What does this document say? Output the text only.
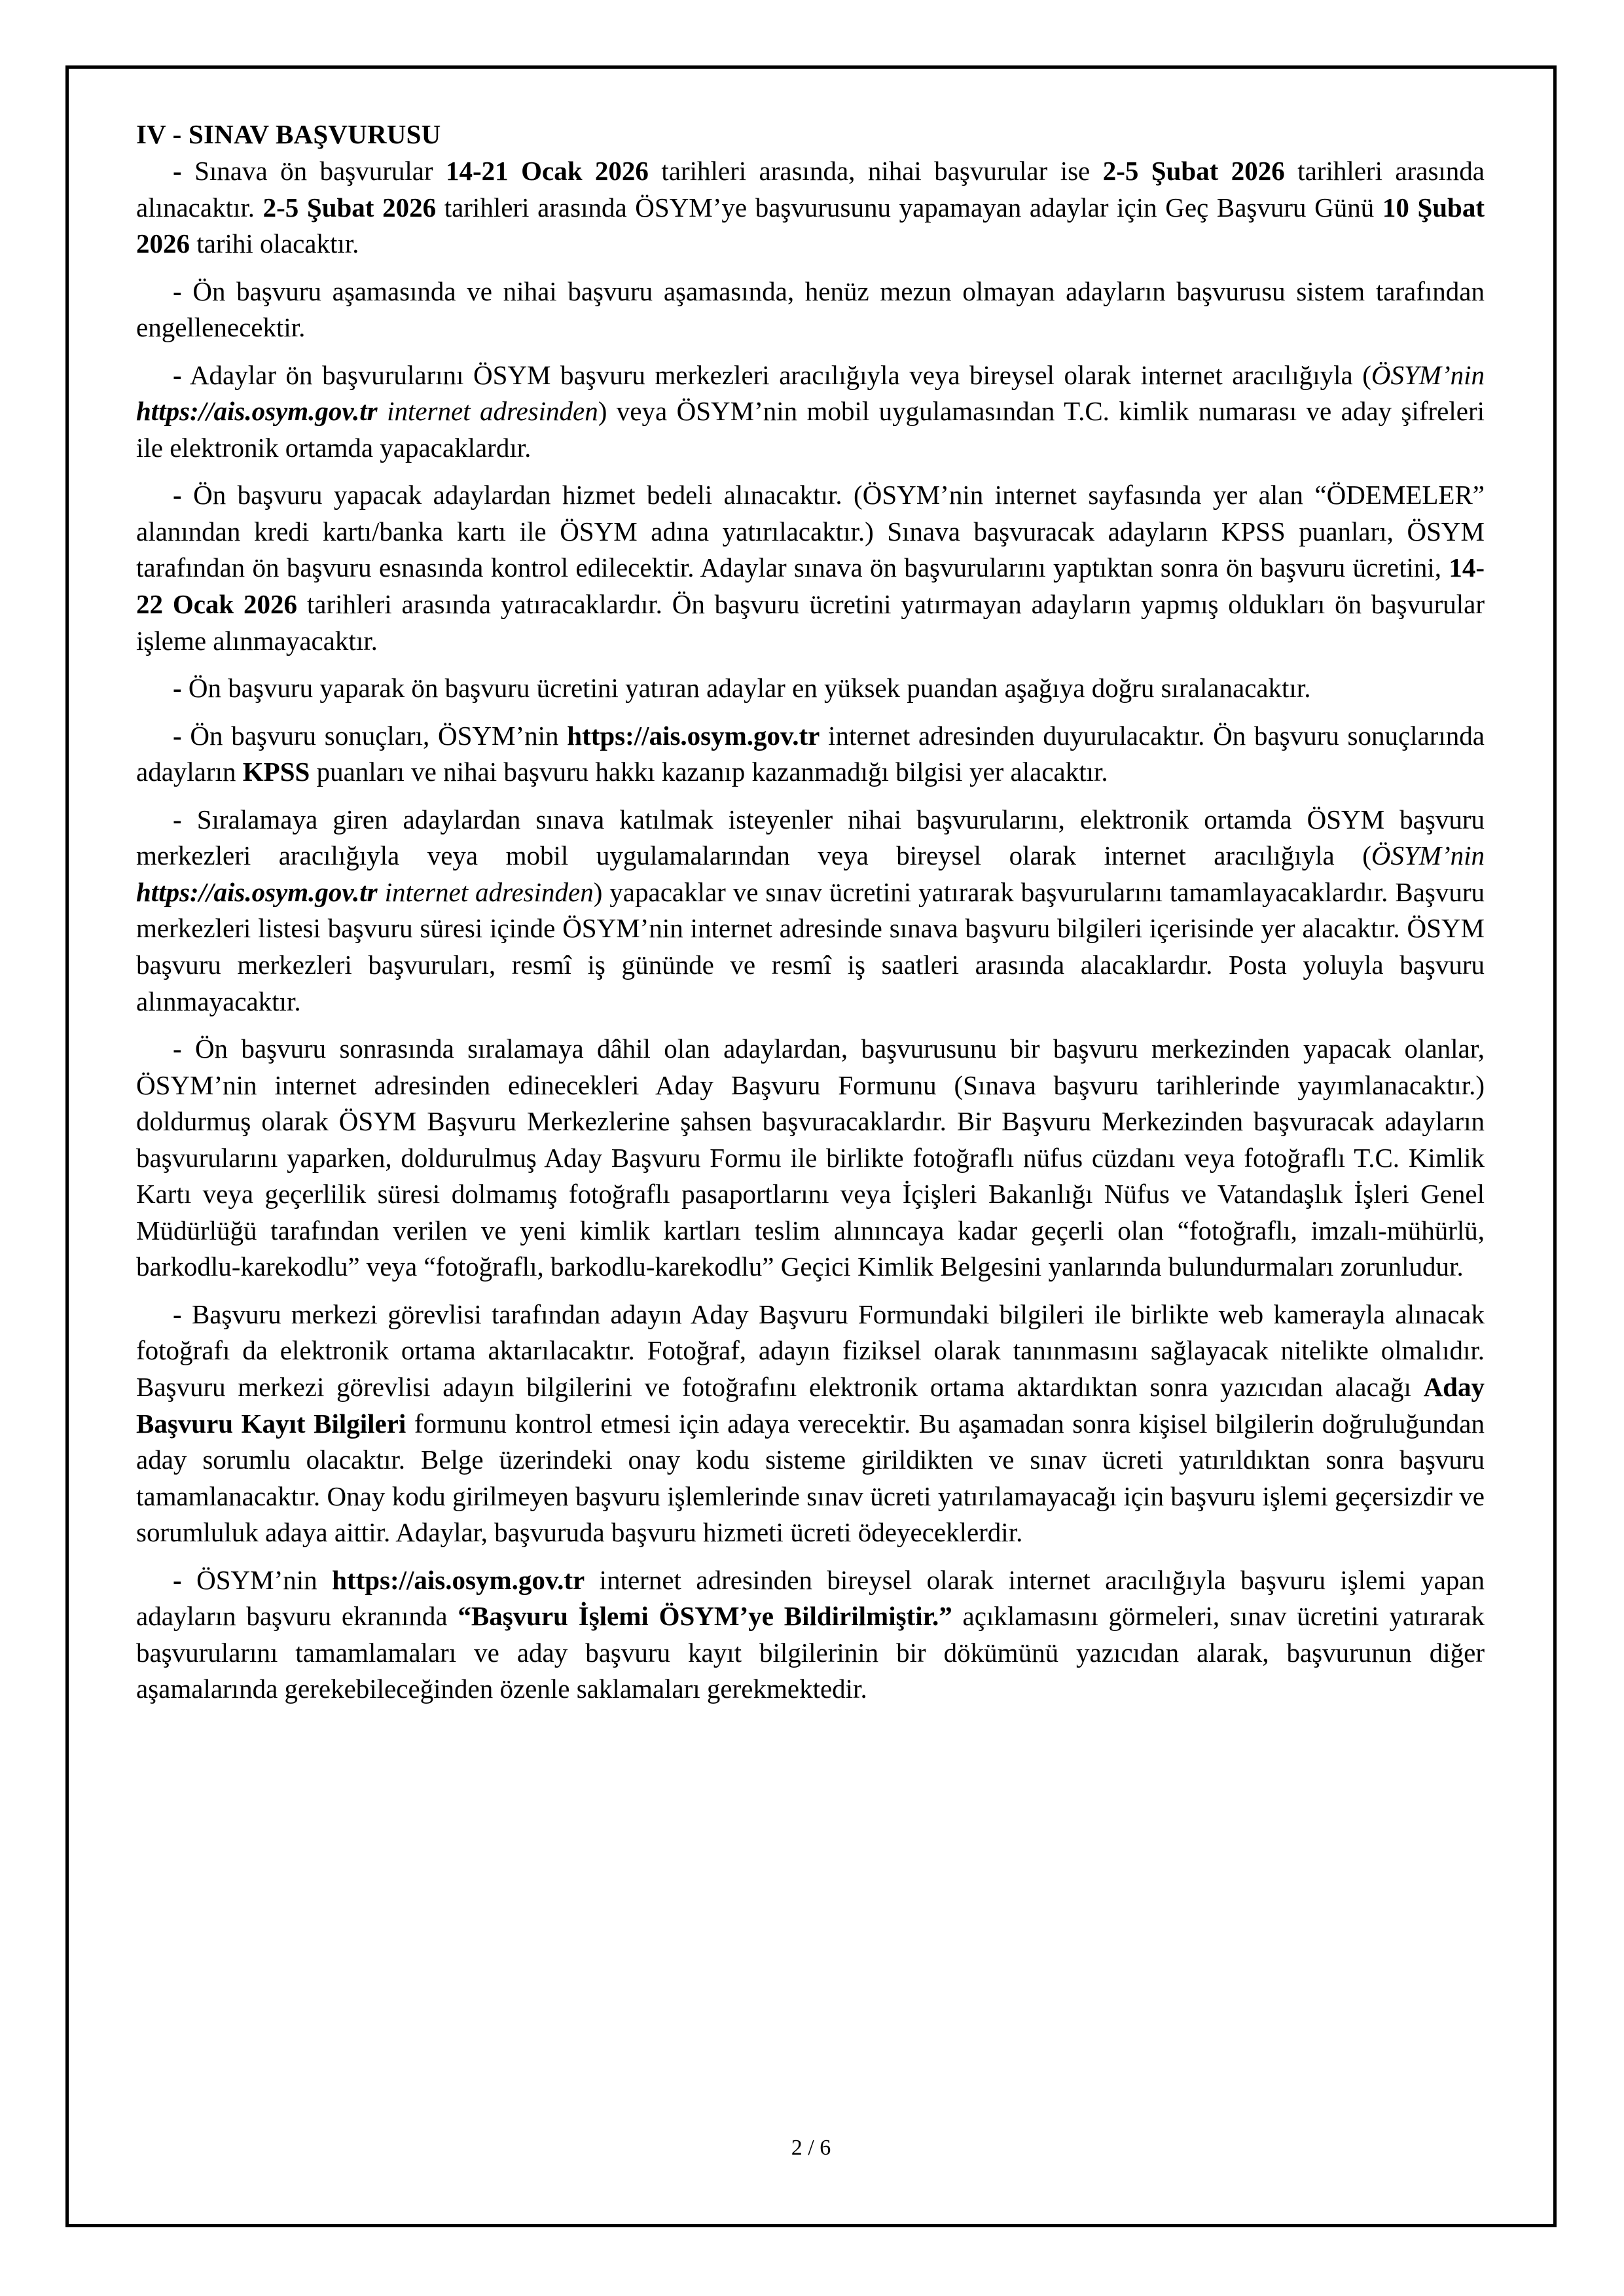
IV - SINAV BAŞVURUSU

- Sınava ön başvurular 14-21 Ocak 2026 tarihleri arasında, nihai başvurular ise 2-5 Şubat 2026 tarihleri arasında alınacaktır. 2-5 Şubat 2026 tarihleri arasında ÖSYM’ye başvurusunu yapamayan adaylar için Geç Başvuru Günü 10 Şubat 2026 tarihi olacaktır.

- Ön başvuru aşamasında ve nihai başvuru aşamasında, henüz mezun olmayan adayların başvurusu sistem tarafından engellenecektir.

- Adaylar ön başvurularını ÖSYM başvuru merkezleri aracılığıyla veya bireysel olarak internet aracılığıyla (ÖSYM’nin https://ais.osym.gov.tr internet adresinden) veya ÖSYM’nin mobil uygulamasından T.C. kimlik numarası ve aday şifreleri ile elektronik ortamda yapacaklardır.

- Ön başvuru yapacak adaylardan hizmet bedeli alınacaktır. (ÖSYM’nin internet sayfasında yer alan “ÖDEMELER” alanından kredi kartı/banka kartı ile ÖSYM adına yatırılacaktır.) Sınava başvuracak adayların KPSS puanları, ÖSYM tarafından ön başvuru esnasında kontrol edilecektir. Adaylar sınava ön başvurularını yaptıktan sonra ön başvuru ücretini, 14-22 Ocak 2026 tarihleri arasında yatıracaklardır. Ön başvuru ücretini yatırmayan adayların yapmış oldukları ön başvurular işleme alınmayacaktır.

- Ön başvuru yaparak ön başvuru ücretini yatıran adaylar en yüksek puandan aşağıya doğru sıralanacaktır.

- Ön başvuru sonuçları, ÖSYM’nin https://ais.osym.gov.tr internet adresinden duyurulacaktır. Ön başvuru sonuçlarında adayların KPSS puanları ve nihai başvuru hakkı kazanıp kazanmadığı bilgisi yer alacaktır.

- Sıralamaya giren adaylardan sınava katılmak isteyenler nihai başvurularını, elektronik ortamda ÖSYM başvuru merkezleri aracılığıyla veya mobil uygulamalarından veya bireysel olarak internet aracılığıyla (ÖSYM’nin https://ais.osym.gov.tr internet adresinden) yapacaklar ve sınav ücretini yatırarak başvurularını tamamlayacaklardır. Başvuru merkezleri listesi başvuru süresi içinde ÖSYM’nin internet adresinde sınava başvuru bilgileri içerisinde yer alacaktır. ÖSYM başvuru merkezleri başvuruları, resmî iş gününde ve resmî iş saatleri arasında alacaklardır. Posta yoluyla başvuru alınmayacaktır.

- Ön başvuru sonrasında sıralamaya dâhil olan adaylardan, başvurusunu bir başvuru merkezinden yapacak olanlar, ÖSYM’nin internet adresinden edinecekleri Aday Başvuru Formunu (Sınava başvuru tarihlerinde yayımlanacaktır.) doldurmuş olarak ÖSYM Başvuru Merkezlerine şahsen başvuracaklardır. Bir Başvuru Merkezinden başvuracak adayların başvurularını yaparken, doldurulmuş Aday Başvuru Formu ile birlikte fotoğraflı nüfus cüzdanı veya fotoğraflı T.C. Kimlik Kartı veya geçerlilik süresi dolmamış fotoğraflı pasaportlarını veya İçişleri Bakanlığı Nüfus ve Vatandaşlık İşleri Genel Müdürlüğü tarafından verilen ve yeni kimlik kartları teslim alınıncaya kadar geçerli olan “fotoğraflı, imzalı-mühürlü, barkodlu-karekodlu” veya “fotoğraflı, barkodlu-karekodlu” Geçici Kimlik Belgesini yanlarında bulundurmaları zorunludur.

- Başvuru merkezi görevlisi tarafından adayın Aday Başvuru Formundaki bilgileri ile birlikte web kamerayla alınacak fotoğrafı da elektronik ortama aktarılacaktır. Fotoğraf, adayın fiziksel olarak tanınmasını sağlayacak nitelikte olmalıdır. Başvuru merkezi görevlisi adayın bilgilerini ve fotoğrafını elektronik ortama aktardıktan sonra yazıcıdan alacağı Aday Başvuru Kayıt Bilgileri formunu kontrol etmesi için adaya verecektir. Bu aşamadan sonra kişisel bilgilerin doğruluğundan aday sorumlu olacaktır. Belge üzerindeki onay kodu sisteme girildikten ve sınav ücreti yatırıldıktan sonra başvuru tamamlanacaktır. Onay kodu girilmeyen başvuru işlemlerinde sınav ücreti yatırılamayacağı için başvuru işlemi geçersizdir ve sorumluluk adaya aittir. Adaylar, başvuruda başvuru hizmeti ücreti ödeyeceklerdir.

- ÖSYM’nin https://ais.osym.gov.tr internet adresinden bireysel olarak internet aracılığıyla başvuru işlemi yapan adayların başvuru ekranında “Başvuru İşlemi ÖSYM’ye Bildirilmiştir.” açıklamasını görmeleri, sınav ücretini yatırarak başvurularını tamamlamaları ve aday başvuru kayıt bilgilerinin bir dökümünü yazıcıdan alarak, başvurunun diğer aşamalarında gerekebileceğinden özenle saklamaları gerekmektedir.

2 / 6
